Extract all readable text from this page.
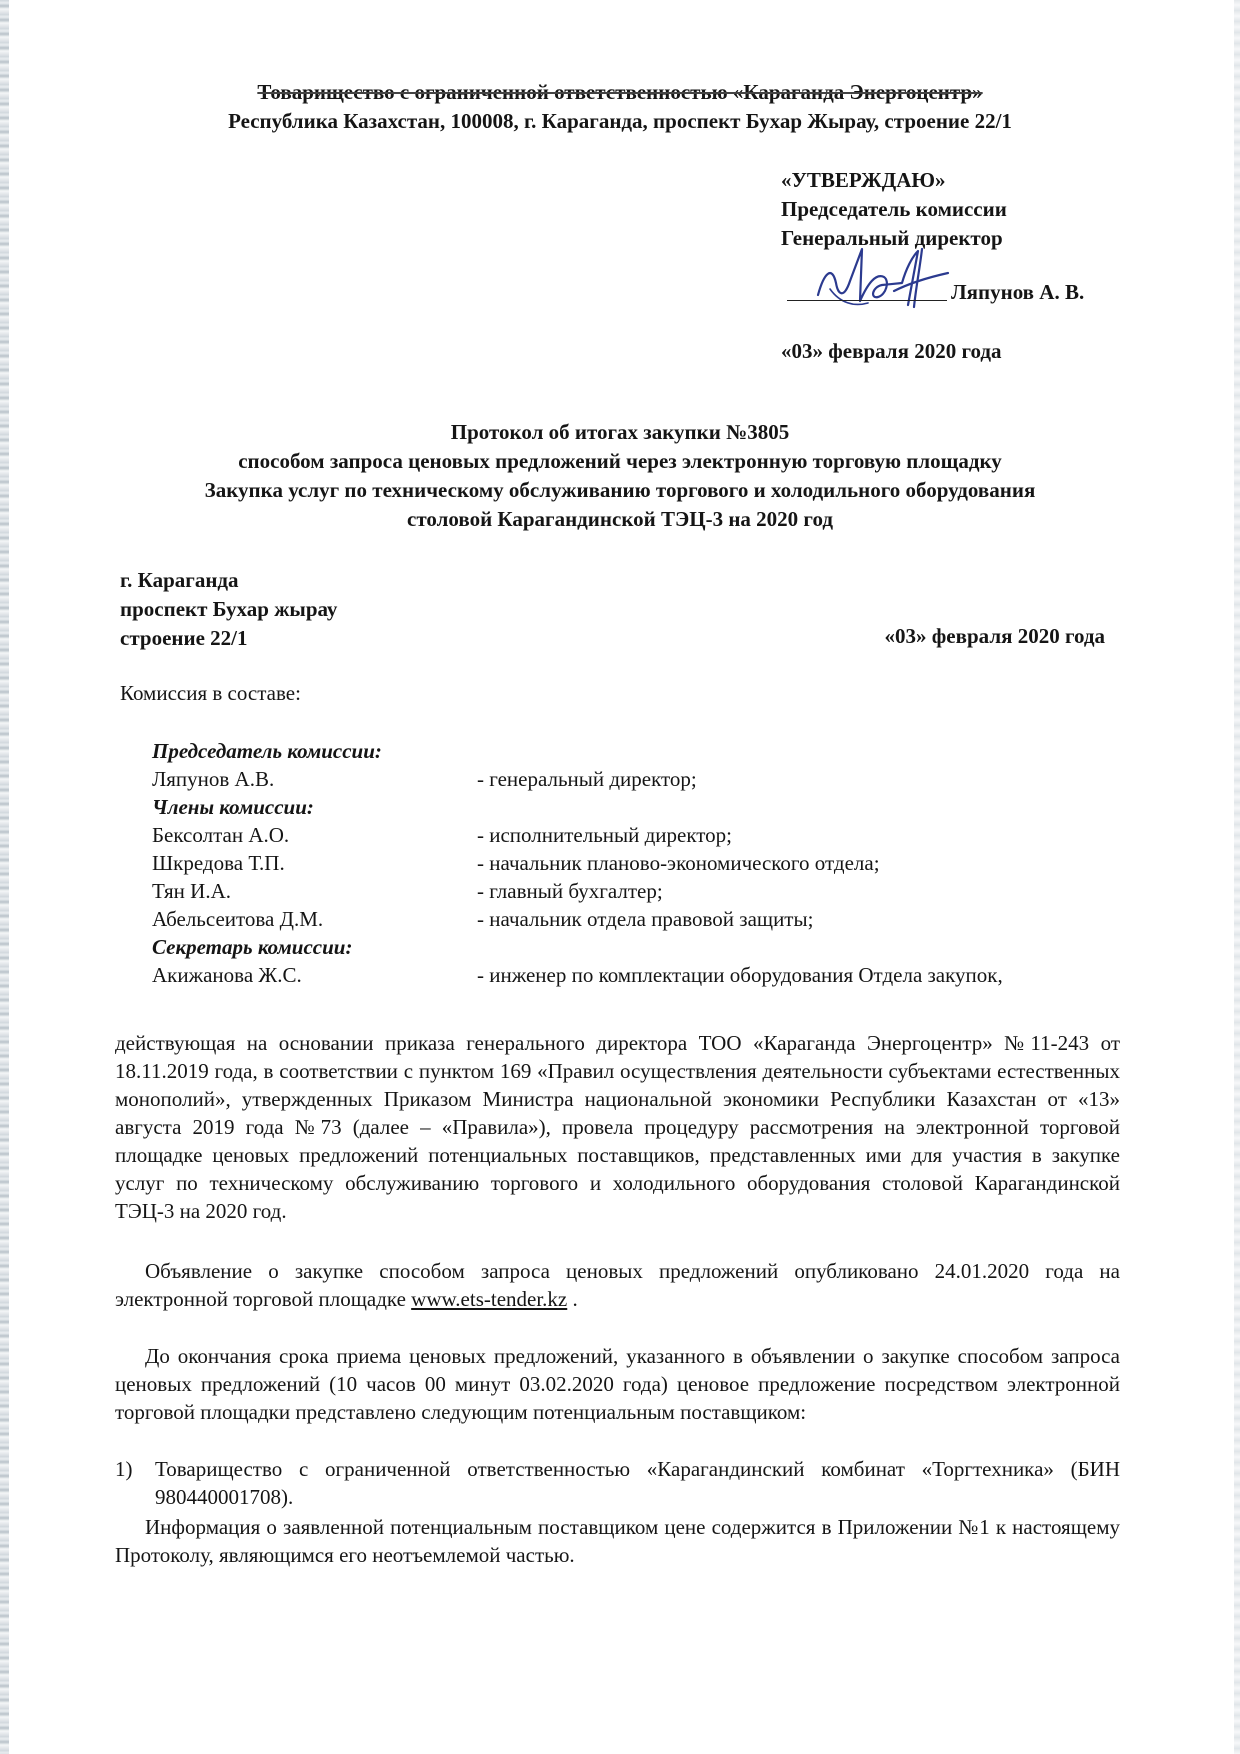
Товарищество с ограниченной ответственностью «Караганда Энергоцентр»
Республика Казахстан, 100008, г. Караганда, проспект Бухар Жырау, строение 22/1
«УТВЕРЖДАЮ»
Председатель комиссии
Генеральный директор
Ляпунов А. В.
«03» февраля 2020 года
Протокол об итогах закупки №3805
способом запроса ценовых предложений через электронную торговую площадку
Закупка услуг по техническому обслуживанию торгового и холодильного оборудования
столовой Карагандинской ТЭЦ-3 на 2020 год
г. Караганда
проспект Бухар жырау
строение 22/1	«03» февраля 2020 года
Комиссия в составе:
Председатель комиссии:
Ляпунов А.В.	- генеральный директор;
Члены комиссии:
Бексолтан А.О.	- исполнительный директор;
Шкредова Т.П.	- начальник планово-экономического отдела;
Тян И.А.	- главный бухгалтер;
Абельсеитова Д.М.	- начальник отдела правовой защиты;
Секретарь комиссии:
Акижанова Ж.С.	- инженер по комплектации оборудования Отдела закупок,
действующая на основании приказа генерального директора ТОО «Караганда Энергоцентр» №11-243 от 18.11.2019 года, в соответствии с пунктом 169 «Правил осуществления деятельности субъектами естественных монополий», утвержденных Приказом Министра национальной экономики Республики Казахстан от «13» августа 2019 года №73 (далее – «Правила»), провела процедуру рассмотрения на электронной торговой площадке ценовых предложений потенциальных поставщиков, представленных ими для участия в закупке услуг по техническому обслуживанию торгового и холодильного оборудования столовой Карагандинской ТЭЦ-3 на 2020 год.
Объявление о закупке способом запроса ценовых предложений опубликовано 24.01.2020 года на электронной торговой площадке www.ets-tender.kz .
До окончания срока приема ценовых предложений, указанного в объявлении о закупке способом запроса ценовых предложений (10 часов 00 минут 03.02.2020 года) ценовое предложение посредством электронной торговой площадки представлено следующим потенциальным поставщиком:
1) Товарищество с ограниченной ответственностью «Карагандинский комбинат «Торгтехника» (БИН 980440001708).
Информация о заявленной потенциальным поставщиком цене содержится в Приложении №1 к настоящему Протоколу, являющимся его неотъемлемой частью.
